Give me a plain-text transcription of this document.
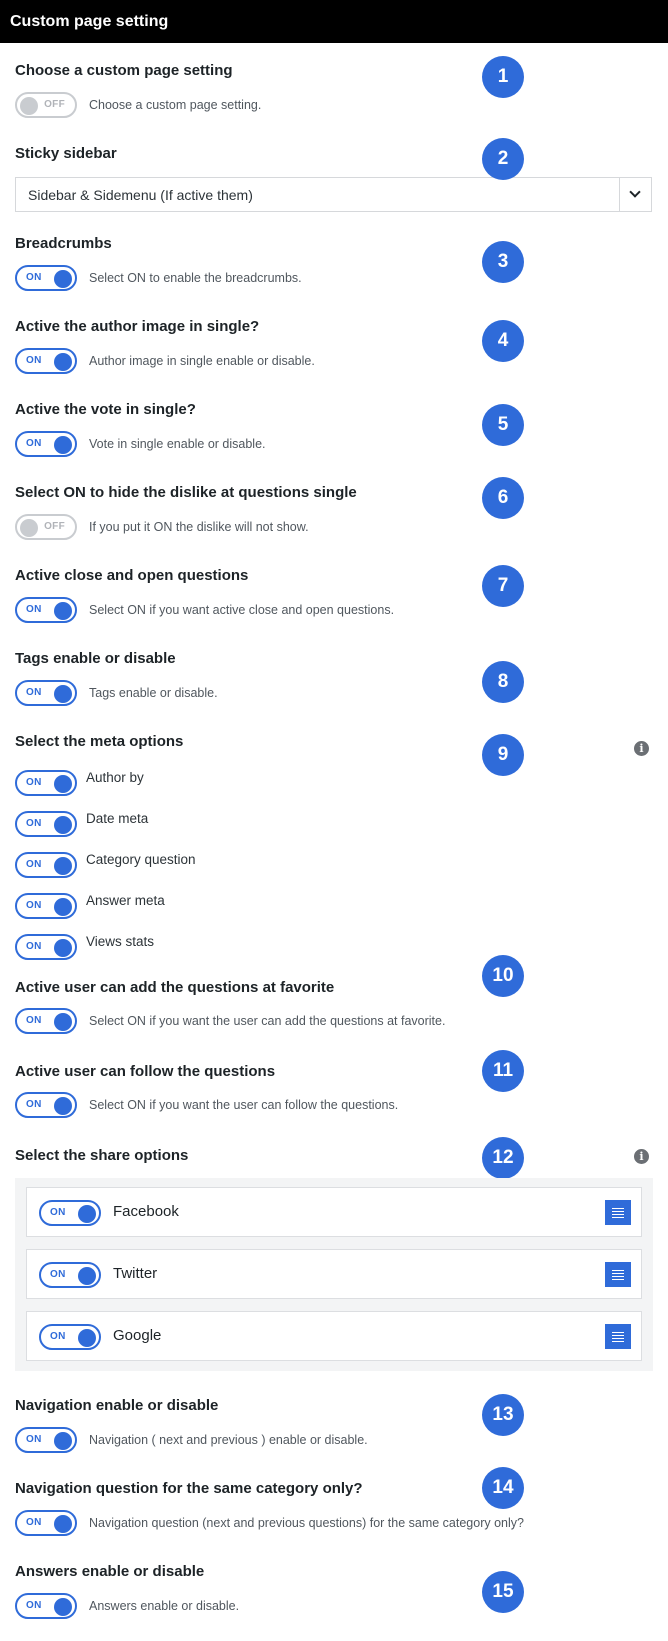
Custom page setting
Choose a custom page setting
OFF Choose a custom page setting.
1
Sticky sidebar
Sidebar & Sidemenu (If active them)
2
Breadcrumbs
ON	Select ON to enable the breadcrumbs.
3
Active the author image in single?
ON	Author image in single enable or disable.
4
Active the vote in single?
ON	Vote in single enable or disable.
5
Select ON to hide the dislike at questions single
OFF If you put it ON the dislike will not show.
6
Active close and open questions
ON	Select ON if you want active close and open questions.
7
Tags enable or disable
ON	Tags enable or disable.
8
Select the meta options
9	i
ON	Author by
ON	Date meta
ON	Category question
ON	Answer meta
ON	Views stats
Active user can add the questions at favorite
ON	Select ON if you want the user can add the questions at favorite.
10
Active user can follow the questions
ON	Select ON if you want the user can follow the questions.
11
Select the share options	12	i
ON	Facebook
ON	Twitter
ON	Google
Navigation enable or disable
ON	Navigation ( next and previous ) enable or disable.
13
Navigation question for the same category only?
ON	Navigation question (next and previous questions) for the same category only?
14
Answers enable or disable
ON	Answers enable or disable.
15
